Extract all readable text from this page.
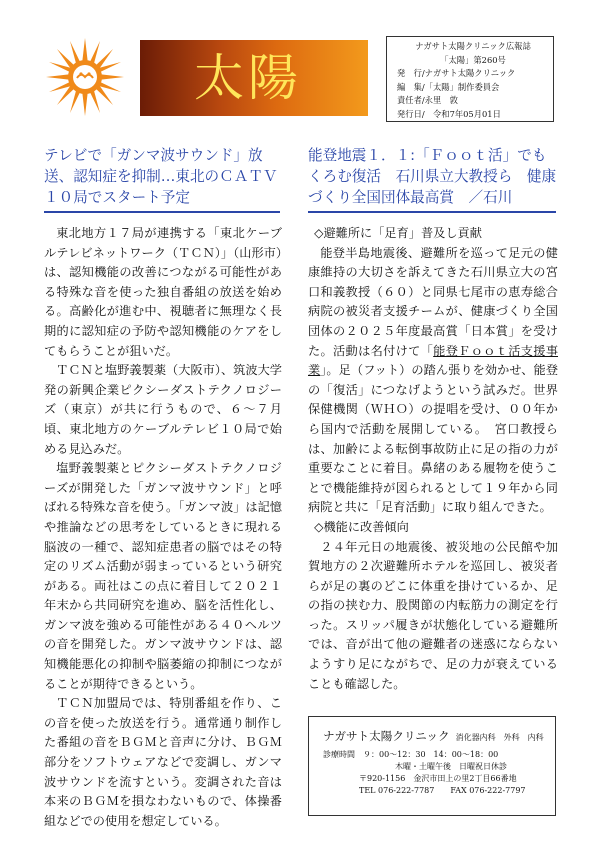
太陽
ナガサト太陽クリニック広報誌
「太陽」第260号
発　行/ナガサト太陽クリニック
編　集/「太陽」制作委員会
責任者/永里　敦
発行日/　令和7年05月01日
テレビで「ガンマ波サウンド」放送、認知症を抑制…東北のＣＡＴＶ１０局でスタート予定

東北地方１７局が連携する「東北ケーブルテレビネットワーク（ＴＣＮ）」（山形市）は、認知機能の改善につながる可能性がある特殊な音を使った独自番組の放送を始める。高齢化が進む中、視聴者に無理なく長期的に認知症の予防や認知機能のケアをしてもらうことが狙いだ。

ＴＣＮと塩野義製薬（大阪市）、筑波大学発の新興企業ピクシーダストテクノロジーズ（東京）が共に行うもので、６～７月頃、東北地方のケーブルテレビ１０局で始める見込みだ。

塩野義製薬とピクシーダストテクノロジーズが開発した「ガンマ波サウンド」と呼ばれる特殊な音を使う。「ガンマ波」は記憶や推論などの思考をしているときに現れる脳波の一種で、認知症患者の脳ではその特定のリズム活動が弱まっているという研究がある。両社はこの点に着目して２０２１年末から共同研究を進め、脳を活性化し、ガンマ波を強める可能性がある４０ヘルツの音を開発した。ガンマ波サウンドは、認知機能悪化の抑制や脳萎縮の抑制につながることが期待できるという。

ＴＣＮ加盟局では、特別番組を作り、この音を使った放送を行う。通常通り制作した番組の音をＢＧＭと音声に分け、ＢＧＭ部分をソフトウェアなどで変調し、ガンマ波サウンドを流すという。変調された音は本来のＢＧＭを損なわないもので、体操番組などでの使用を想定している。

能登地震１．１:「Ｆｏｏｔ活」でもくろむ復活　石川県立大教授ら　健康づくり全国団体最高賞　／石川

◇避難所に「足育」普及し貢献

能登半島地震後、避難所を巡って足元の健康維持の大切さを訴えてきた石川県立大の宮口和義教授（６０）と同県七尾市の恵寿総合病院の被災者支援チームが、健康づくり全国団体の２０２５年度最高賞「日本賞」を受けた。活動は名付けて「能登Ｆｏｏｔ活支援事業」。足（フット）の踏ん張りを効かせ、能登の「復活」につなげようという試みだ。世界保健機関（ＷＨＯ）の提唱を受け、００年から国内で活動を展開している。　宮口教授らは、加齢による転倒事故防止に足の指の力が重要なことに着目。鼻緒のある履物を使うことで機能維持が図られるとして１９年から同病院と共に「足育活動」に取り組んできた。

◇機能に改善傾向

２４年元日の地震後、被災地の公民館や加賀地方の２次避難所ホテルを巡回し、被災者らが足の裏のどこに体重を掛けているか、足の指の挟む力、股関節の内転筋力の測定を行った。スリッパ履きが状態化している避難所では、音が出て他の避難者の迷惑にならないようすり足にながちで、足の力が衰えていることも確認した。

ナガサト太陽クリニック 消化器内科　外科　内科
診療時間　９：00～12：30　14：00～18：00
木曜・土曜午後　日曜祝日休診
〒920-1156　金沢市田上の里2丁目66番地
TEL 076-222-7787　　FAX 076-222-7797
